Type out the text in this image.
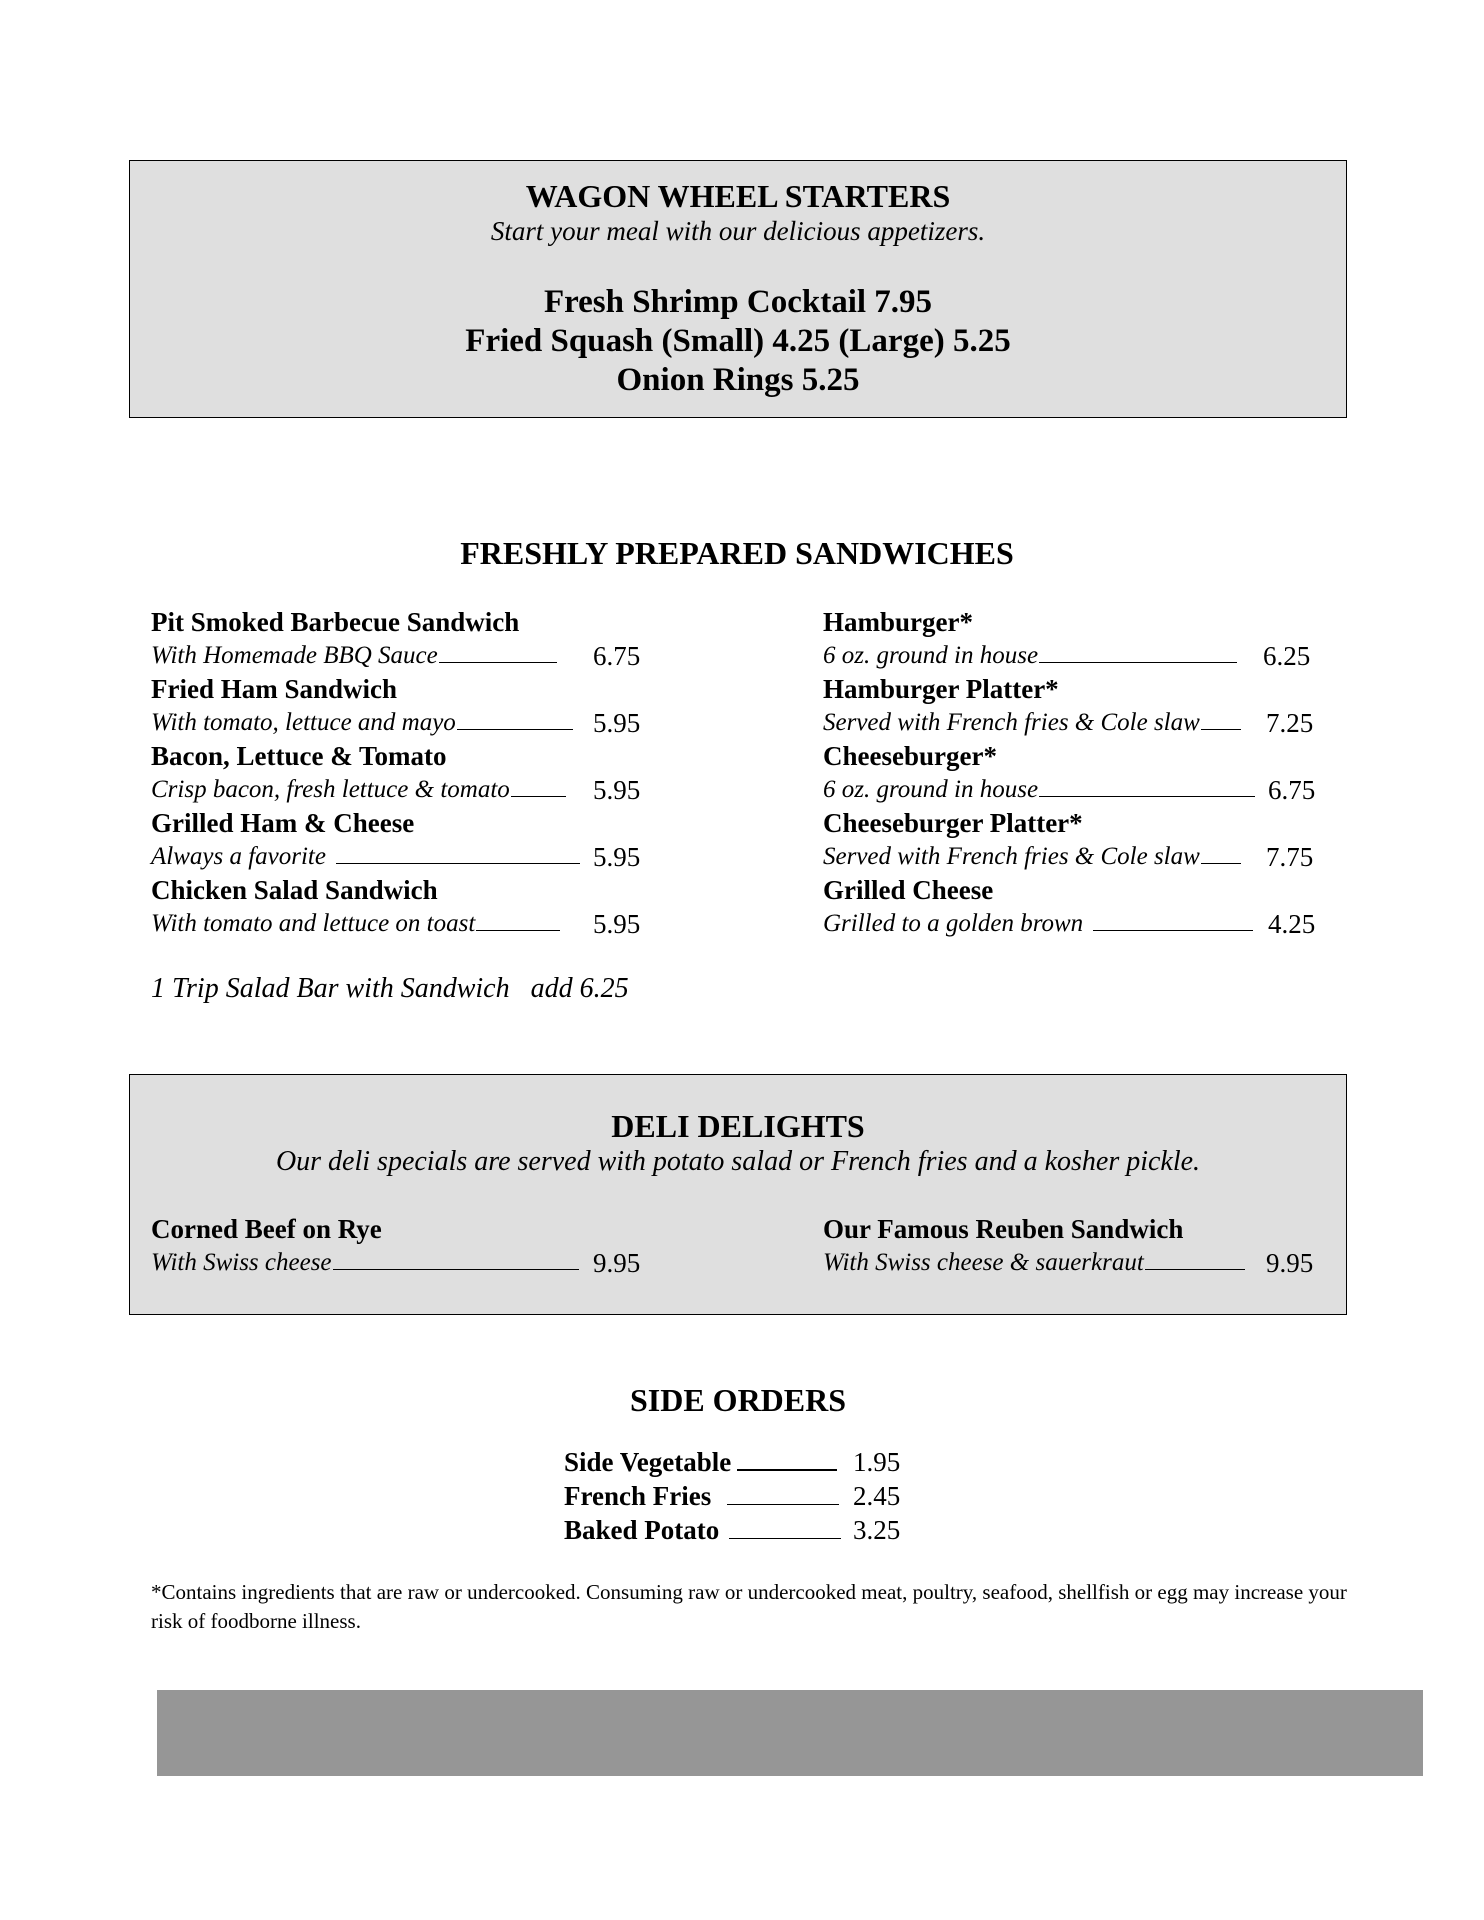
WAGON WHEEL STARTERS
Start your meal with our delicious appetizers.
Fresh Shrimp Cocktail 7.95
Fried Squash (Small) 4.25 (Large) 5.25
Onion Rings 5.25
FRESHLY PREPARED SANDWICHES
Pit Smoked Barbecue Sandwich
With Homemade BBQ Sauce	6.75
Fried Ham Sandwich
With tomato, lettuce and mayo	5.95
Bacon, Lettuce & Tomato
Crisp bacon, fresh lettuce & tomato	5.95
Grilled Ham & Cheese
Always a favorite	5.95
Chicken Salad Sandwich
With tomato and lettuce on toast	5.95
Hamburger*
6 oz. ground in house	6.25
Hamburger Platter*
Served with French fries & Cole slaw 7.25
Cheeseburger*
6 oz. ground in house	6.75
Cheeseburger Platter*
Served with French fries & Cole slaw 7.75
Grilled Cheese
Grilled to a golden brown	4.25
1 Trip Salad Bar with Sandwich add 6.25
DELI DELIGHTS
Our deli specials are served with potato salad or French fries and a kosher pickle.
Corned Beef on Rye
With Swiss cheese	9.95
Our Famous Reuben Sandwich
With Swiss cheese & sauerkraut	9.95
SIDE ORDERS
Side Vegetable	1.95
French Fries	2.45
Baked Potato	3.25
*Contains ingredients that are raw or undercooked. Consuming raw or undercooked meat, poultry, seafood, shellfish or egg may increase your risk of foodborne illness.
